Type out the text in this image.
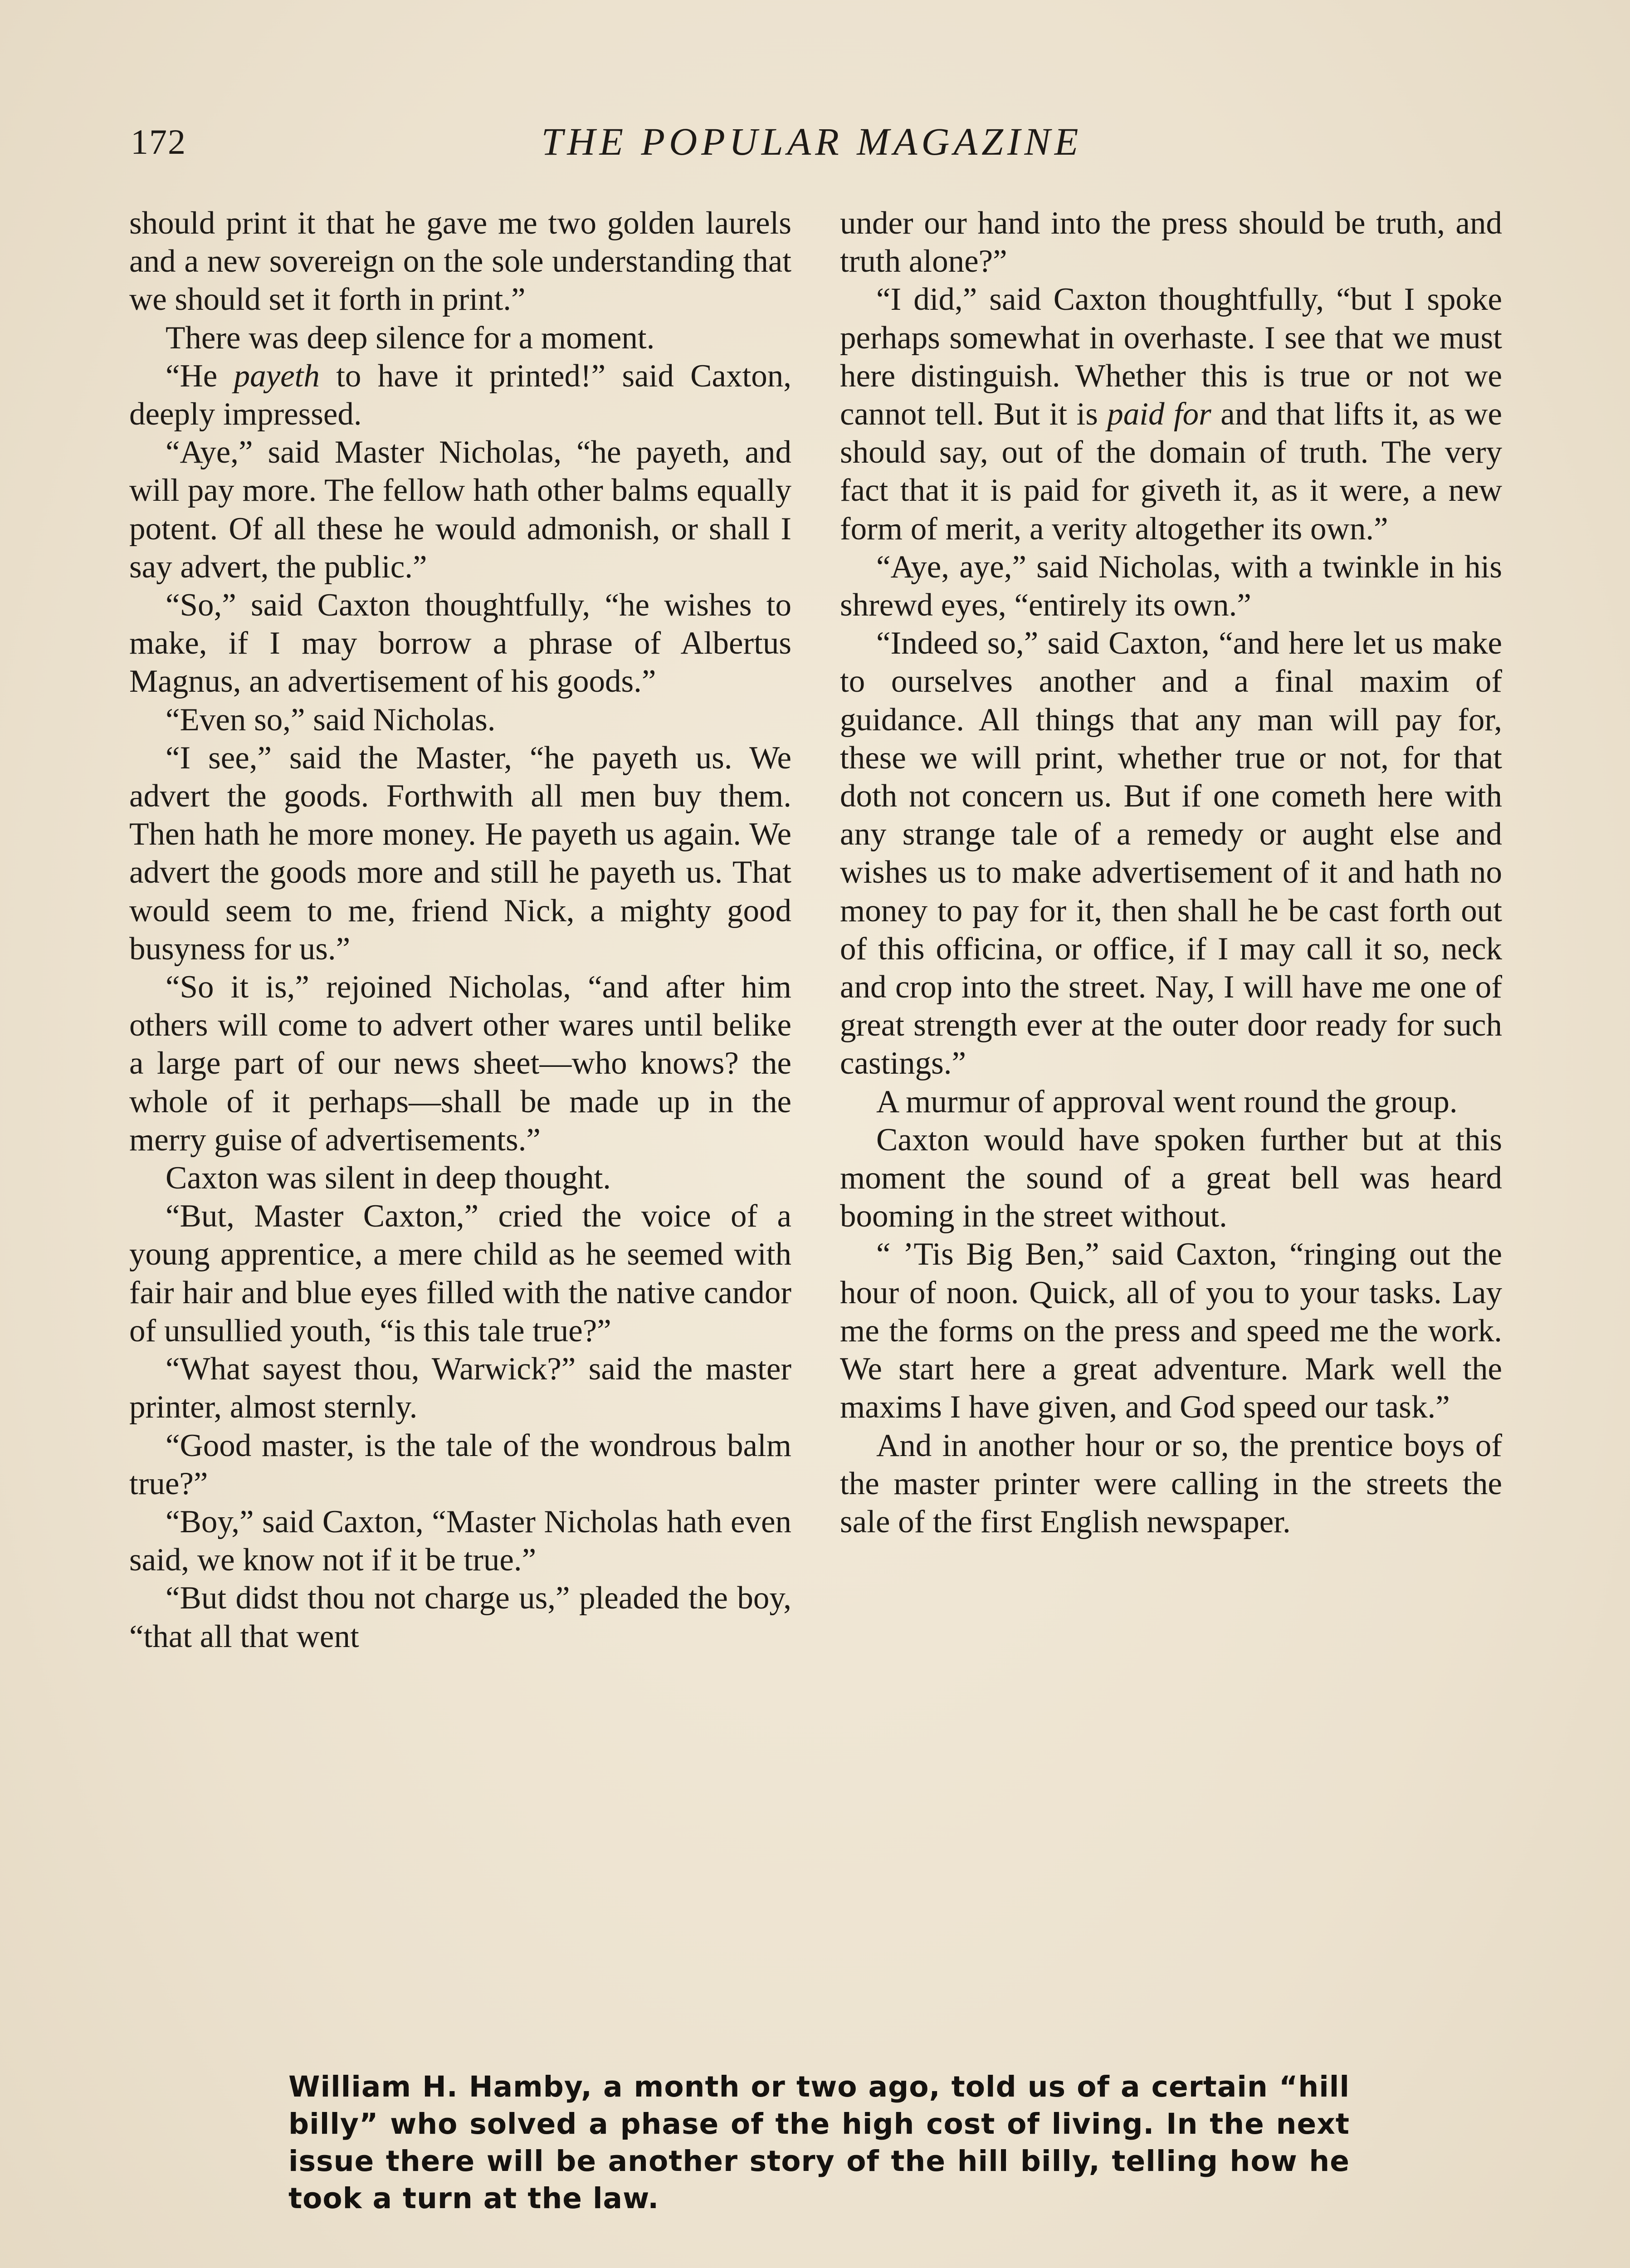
172	THE POPULAR MAGAZINE

should print it that he gave me two golden laurels and a new sovereign on the sole understanding that we should set it forth in print.”

There was deep silence for a moment.

“He payeth to have it printed!” said Caxton, deeply impressed.

“Aye,” said Master Nicholas, “he payeth, and will pay more. The fellow hath other balms equally potent. Of all these he would admonish, or shall I say advert, the public.”

“So,” said Caxton thoughtfully, “he wishes to make, if I may borrow a phrase of Albertus Magnus, an advertisement of his goods.”

“Even so,” said Nicholas.

“I see,” said the Master, “he payeth us. We advert the goods. Forthwith all men buy them. Then hath he more money. He payeth us again. We advert the goods more and still he payeth us. That would seem to me, friend Nick, a mighty good busyness for us.”

“So it is,” rejoined Nicholas, “and after him others will come to advert other wares until belike a large part of our news sheet—who knows? the whole of it perhaps—shall be made up in the merry guise of advertisements.”

Caxton was silent in deep thought.

“But, Master Caxton,” cried the voice of a young apprentice, a mere child as he seemed with fair hair and blue eyes filled with the native candor of unsullied youth, “is this tale true?”

“What sayest thou, Warwick?” said the master printer, almost sternly.

“Good master, is the tale of the wondrous balm true?”

“Boy,” said Caxton, “Master Nicholas hath even said, we know not if it be true.”

“But didst thou not charge us,” pleaded the boy, “that all that went

under our hand into the press should be truth, and truth alone?”

“I did,” said Caxton thoughtfully, “but I spoke perhaps somewhat in overhaste. I see that we must here distinguish. Whether this is true or not we cannot tell. But it is paid for and that lifts it, as we should say, out of the domain of truth. The very fact that it is paid for giveth it, as it were, a new form of merit, a verity altogether its own.”

“Aye, aye,” said Nicholas, with a twinkle in his shrewd eyes, “entirely its own.”

“Indeed so,” said Caxton, “and here let us make to ourselves another and a final maxim of guidance. All things that any man will pay for, these we will print, whether true or not, for that doth not concern us. But if one cometh here with any strange tale of a remedy or aught else and wishes us to make advertisement of it and hath no money to pay for it, then shall he be cast forth out of this officina, or office, if I may call it so, neck and crop into the street. Nay, I will have me one of great strength ever at the outer door ready for such castings.”

A murmur of approval went round the group.

Caxton would have spoken further but at this moment the sound of a great bell was heard booming in the street without.

“ ’Tis Big Ben,” said Caxton, “ringing out the hour of noon. Quick, all of you to your tasks. Lay me the forms on the press and speed me the work. We start here a great adventure. Mark well the maxims I have given, and God speed our task.”

And in another hour or so, the prentice boys of the master printer were calling in the streets the sale of the first English newspaper.

William H. Hamby, a month or two ago, told us of a certain “hill billy” who solved a phase of the high cost of living. In the next issue there will be another story of the hill billy, telling how he took a turn at the law.
